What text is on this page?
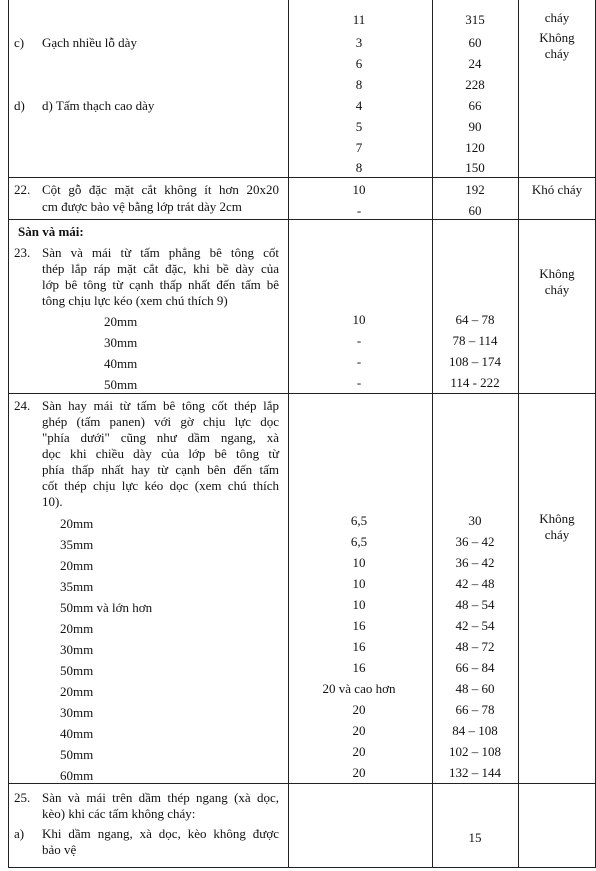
c) Gạch nhiều lỗ dày
d) d) Tấm thạch cao dày
11
3
6
8
4
5
7
8
315
60
24
228
66
90
120
150
cháy
Không
cháy
22. Cột gỗ đặc mặt cắt không ít hơn 20x20
cm được bảo vệ bằng lớp trát dày 2cm
10
-
192
60
Khó cháy
Sàn và mái:
23. Sàn và mái từ tấm phẳng bê tông cốt
thép lắp ráp mặt cắt đặc, khi bề dày của
lớp bê tông từ cạnh thấp nhất đến tấm bê
tông chịu lực kéo (xem chú thích 9)
20mm
30mm
40mm
50mm
10
-
-
-
64 – 78
78 – 114
108 – 174
114 - 222
Không
cháy
24. Sàn hay mái từ tấm bê tông cốt thép lắp
ghép (tấm panen) với gờ chịu lực dọc
"phía dưới" cũng như dầm ngang, xà
dọc khi chiều dày của lớp bê tông từ
phía thấp nhất hay từ cạnh bên đến tấm
cốt thép chịu lực kéo dọc (xem chú thích
10).
20mm
35mm
20mm
35mm
50mm và lớn hơn
20mm
30mm
50mm
20mm
30mm
40mm
50mm
60mm
6,5
6,5
10
10
10
16
16
16
20 và cao hơn
20
20
20
20
30
36 – 42
36 – 42
42 – 48
48 – 54
42 – 54
48 – 72
66 – 84
48 – 60
66 – 78
84 – 108
102 – 108
132 – 144
Không
cháy
25. Sàn và mái trên dầm thép ngang (xà dọc,
kèo) khi các tấm không cháy:
a) Khi dầm ngang, xà dọc, kèo không được
bảo vệ
15
